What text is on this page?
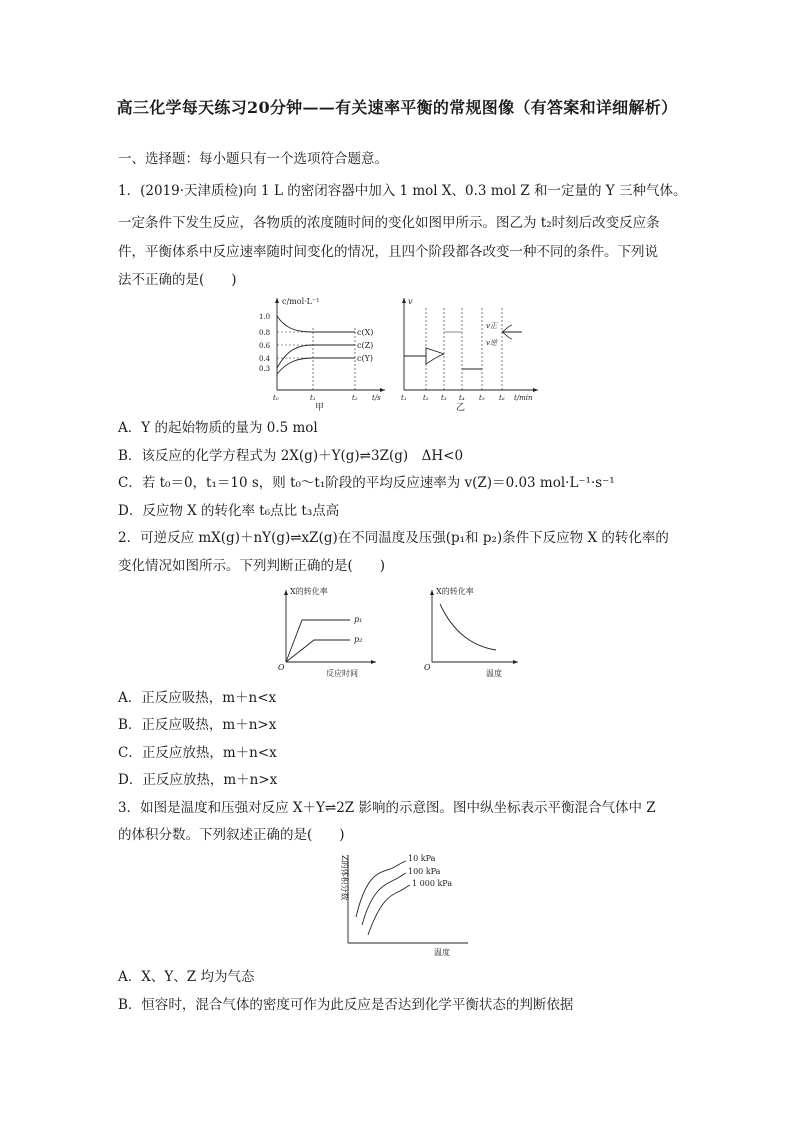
高三化学每天练习20分钟——有关速率平衡的常规图像（有答案和详细解析）
一、选择题：每小题只有一个选项符合题意。
1．(2019·天津质检)向 1 L 的密闭容器中加入 1 mol X、0.3 mol Z 和一定量的 Y 三种气体。
一定条件下发生反应，各物质的浓度随时间的变化如图甲所示。图乙为 t₂时刻后改变反应条
件，平衡体系中反应速率随时间变化的情况，且四个阶段都各改变一种不同的条件。下列说
法不正确的是(　　)
c/mol·L⁻¹
1.0
0.8
0.6
0.4
0.3
c(X)
c(Z)
c(Y)
t₀	t₁	t₂ t/s
甲
v
v正
v逆
t₁ t₂ t₃ t₄ t₅ t₆ t/min
乙
A．Y 的起始物质的量为 0.5 mol
B．该反应的化学方程式为 2X(g)＋Y(g)⇌3Z(g)　ΔH<0
C．若 t₀＝0，t₁＝10 s，则 t₀～t₁阶段的平均反应速率为 v(Z)＝0.03 mol·L⁻¹·s⁻¹
D．反应物 X 的转化率 t₆点比 t₃点高
2．可逆反应 mX(g)＋nY(g)⇌xZ(g)在不同温度及压强(p₁和 p₂)条件下反应物 X 的转化率的
变化情况如图所示。下列判断正确的是(　　)
X的转化率
O
p₁
p₂
反应时间
X的转化率
O
温度
A．正反应吸热，m＋n<x
B．正反应吸热，m＋n>x
C．正反应放热，m＋n<x
D．正反应放热，m＋n>x
3．如图是温度和压强对反应 X＋Y⇌2Z 影响的示意图。图中纵坐标表示平衡混合气体中 Z
的体积分数。下列叙述正确的是(　　)
Z的体积分数	10 kPa
100 kPa
1 000 kPa
温度
A．X、Y、Z 均为气态
B．恒容时，混合气体的密度可作为此反应是否达到化学平衡状态的判断依据
